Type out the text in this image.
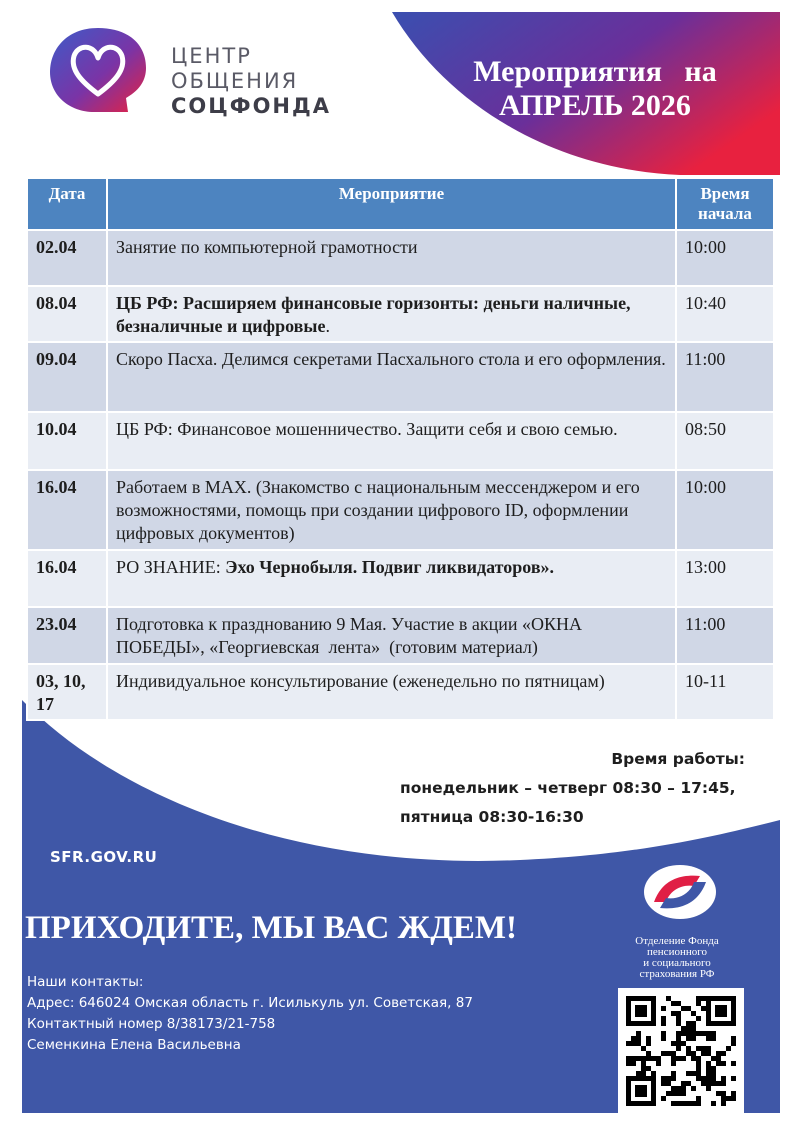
ЦЕНТР
ОБЩЕНИЯ
СОЦФОНДА
Мероприятия   на
АПРЕЛЬ 2026
Дата	Мероприятие	Время начала
02.04	Занятие по компьютерной грамотности	10:00
08.04	ЦБ РФ: Расширяем финансовые горизонты: деньги наличные, безналичные и цифровые.	10:40
09.04	Скоро Пасха. Делимся секретами Пасхального стола и его оформления.	11:00
10.04	ЦБ РФ: Финансовое мошенничество. Защити себя и свою семью.	08:50
16.04	Работаем в MAX. (Знакомство с национальным мессенджером и его возможностями, помощь при создании цифрового ID, оформлении цифровых документов)	10:00
16.04	РО ЗНАНИЕ: Эхо Чернобыля. Подвиг ликвидаторов».	13:00
23.04	Подготовка к празднованию 9 Мая. Участие в акции «ОКНА ПОБЕДЫ», «Георгиевская  лента»  (готовим материал)	11:00
03, 10, 17	Индивидуальное консультирование (еженедельно по пятницам)	10-11
Время работы:
понедельник – четверг 08:30 – 17:45,
пятница 08:30-16:30
SFR.GOV.RU
ПРИХОДИТЕ, МЫ ВАС ЖДЕМ!
Наши контакты:
Адрес: 646024 Омская область г. Исилькуль ул. Советская, 87
Контактный номер 8/38173/21-758
Семенкина Елена Васильевна
Отделение Фонда
пенсионного
и социального
страхования РФ
